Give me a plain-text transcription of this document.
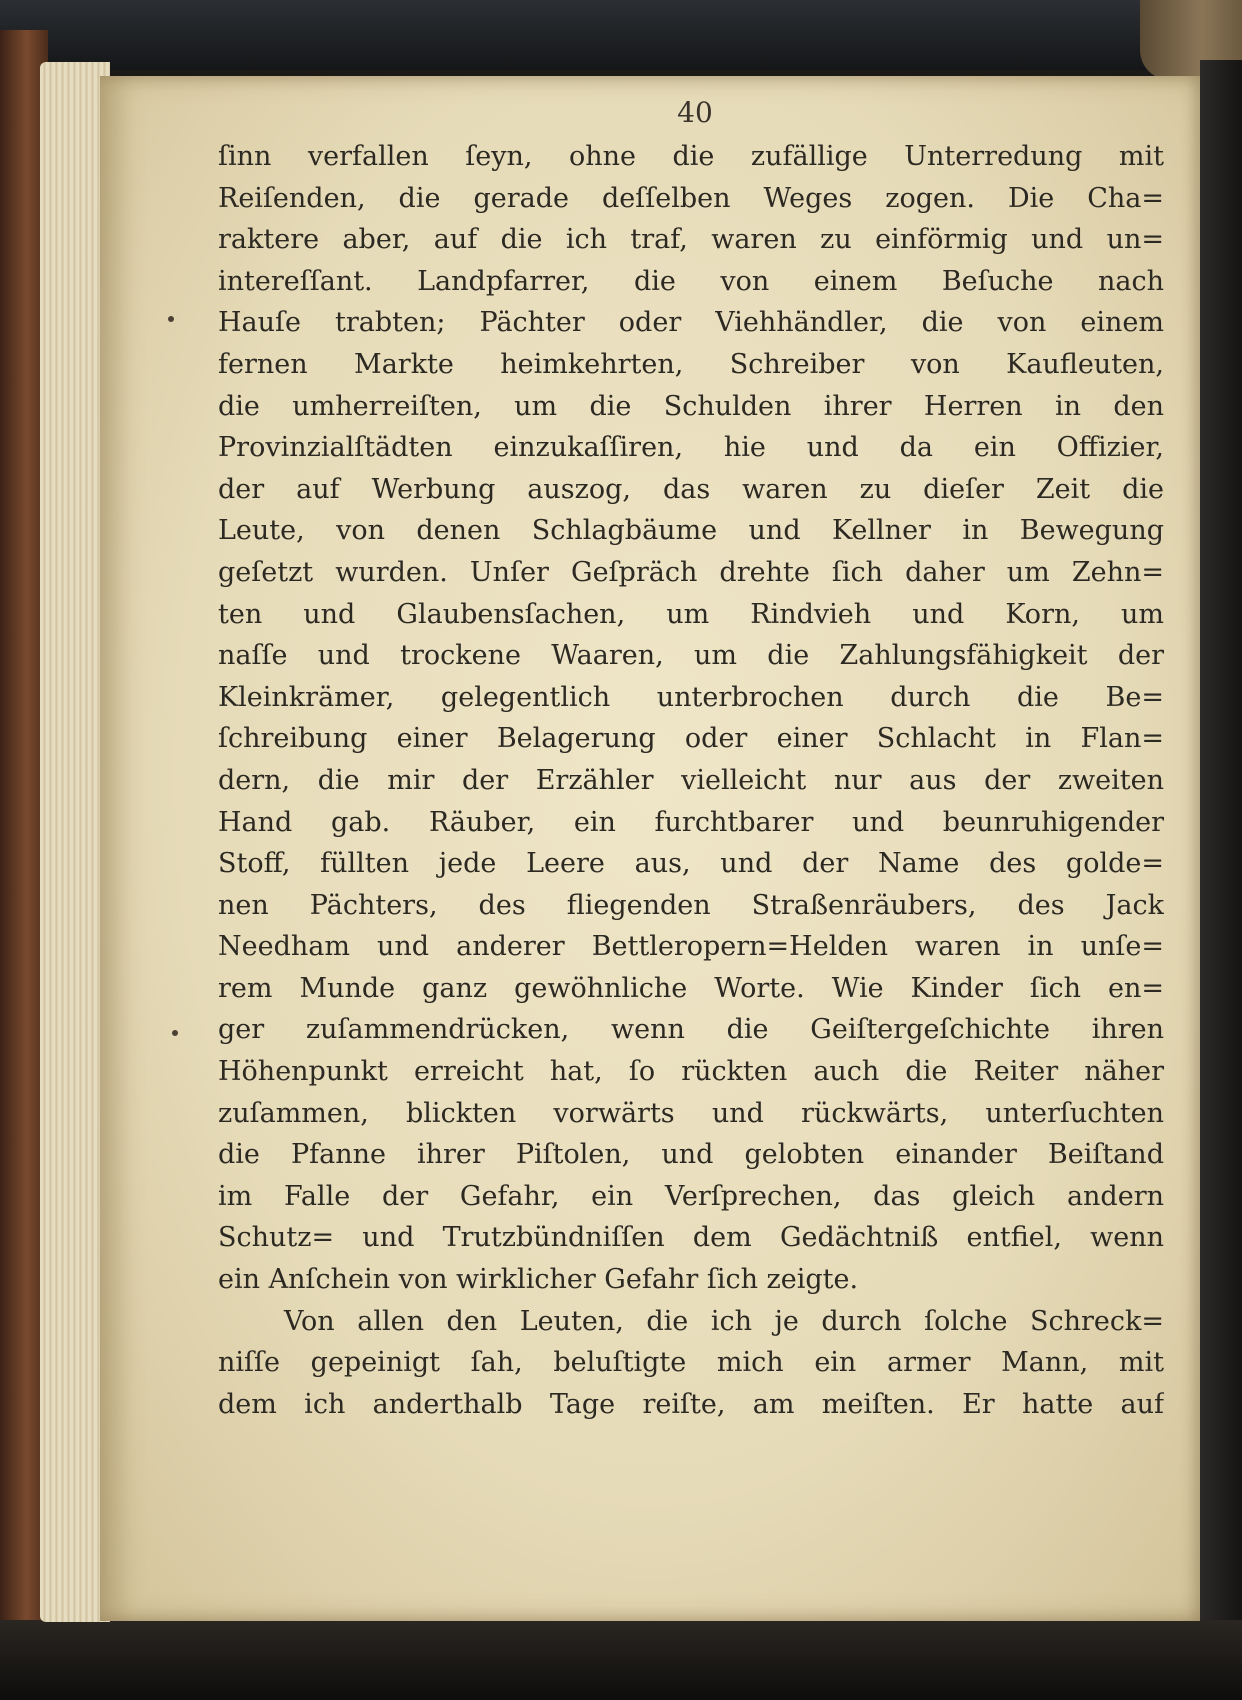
40
ſinn verfallen ſeyn, ohne die zufällige Unterredung mit
Reiſenden, die gerade deſſelben Weges zogen. Die Cha=
raktere aber, auf die ich traf, waren zu einförmig und un=
intereſſant. Landpfarrer, die von einem Beſuche nach
Hauſe trabten; Pächter oder Viehhändler, die von einem
fernen Markte heimkehrten, Schreiber von Kaufleuten,
die umherreiſten, um die Schulden ihrer Herren in den
Provinzialſtädten einzukaſſiren, hie und da ein Offizier,
der auf Werbung auszog, das waren zu dieſer Zeit die
Leute, von denen Schlagbäume und Kellner in Bewegung
geſetzt wurden. Unſer Geſpräch drehte ſich daher um Zehn=
ten und Glaubensſachen, um Rindvieh und Korn, um
naſſe und trockene Waaren, um die Zahlungsfähigkeit der
Kleinkrämer, gelegentlich unterbrochen durch die Be=
ſchreibung einer Belagerung oder einer Schlacht in Flan=
dern, die mir der Erzähler vielleicht nur aus der zweiten
Hand gab. Räuber, ein furchtbarer und beunruhigender
Stoff, füllten jede Leere aus, und der Name des golde=
nen Pächters, des fliegenden Straßenräubers, des Jack
Needham und anderer Bettleropern=Helden waren in unſe=
rem Munde ganz gewöhnliche Worte. Wie Kinder ſich en=
ger zuſammendrücken, wenn die Geiſtergeſchichte ihren
Höhenpunkt erreicht hat, ſo rückten auch die Reiter näher
zuſammen, blickten vorwärts und rückwärts, unterſuchten
die Pfanne ihrer Piſtolen, und gelobten einander Beiſtand
im Falle der Gefahr, ein Verſprechen, das gleich andern
Schutz= und Trutzbündniſſen dem Gedächtniß entfiel, wenn
ein Anſchein von wirklicher Gefahr ſich zeigte.
Von allen den Leuten, die ich je durch ſolche Schreck=
niſſe gepeinigt ſah, beluſtigte mich ein armer Mann, mit
dem ich anderthalb Tage reiſte, am meiſten. Er hatte auf
